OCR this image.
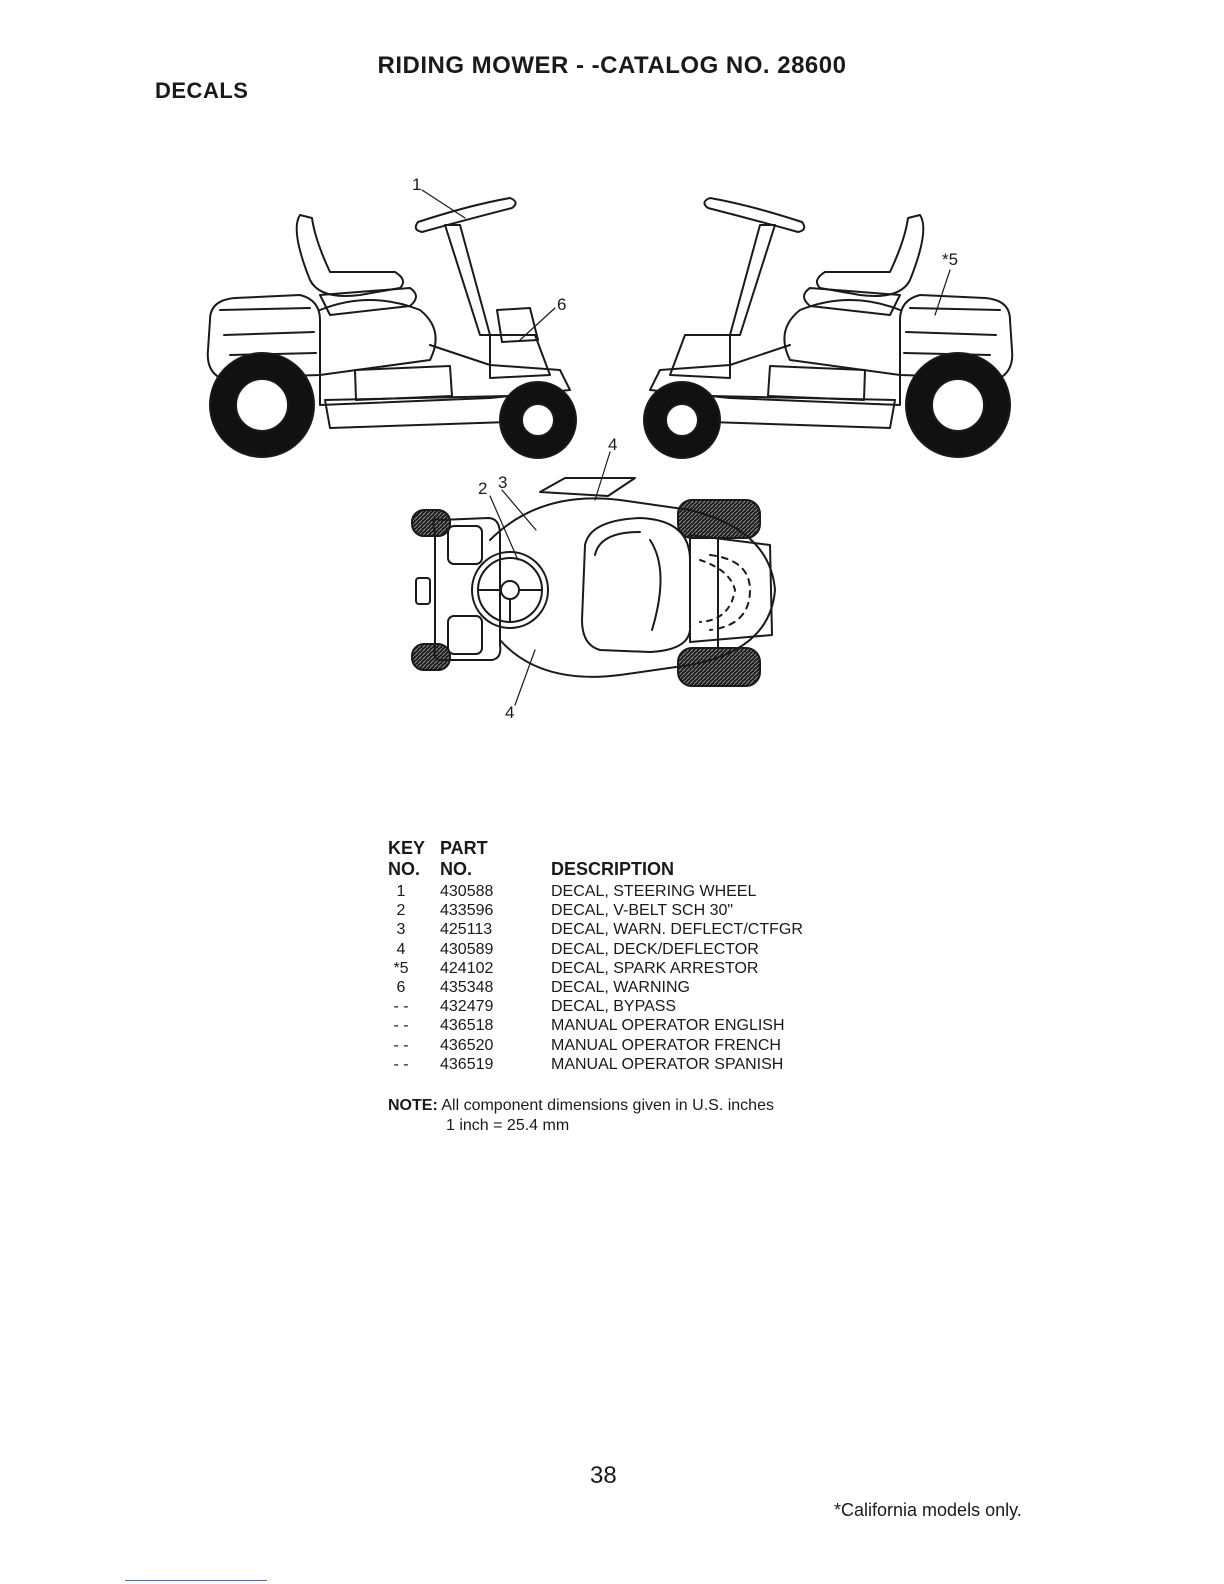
RIDING MOWER - -CATALOG NO. 28600
DECALS
1
6
*5
4
2 3
4
KEY
NO.
PART
NO.	DESCRIPTION
1	430588	DECAL, STEERING WHEEL
2	433596	DECAL, V-BELT SCH 30"
3	425113	DECAL, WARN. DEFLECT/CTFGR
4	430589	DECAL, DECK/DEFLECTOR
*5	424102	DECAL, SPARK ARRESTOR
6	435348	DECAL, WARNING
- -	432479	DECAL, BYPASS
- -	436518	MANUAL OPERATOR ENGLISH
- -	436520	MANUAL OPERATOR FRENCH
- -	436519	MANUAL OPERATOR SPANISH
NOTE: All component dimensions given in U.S. inches
1 inch = 25.4 mm
38
*California models only.
